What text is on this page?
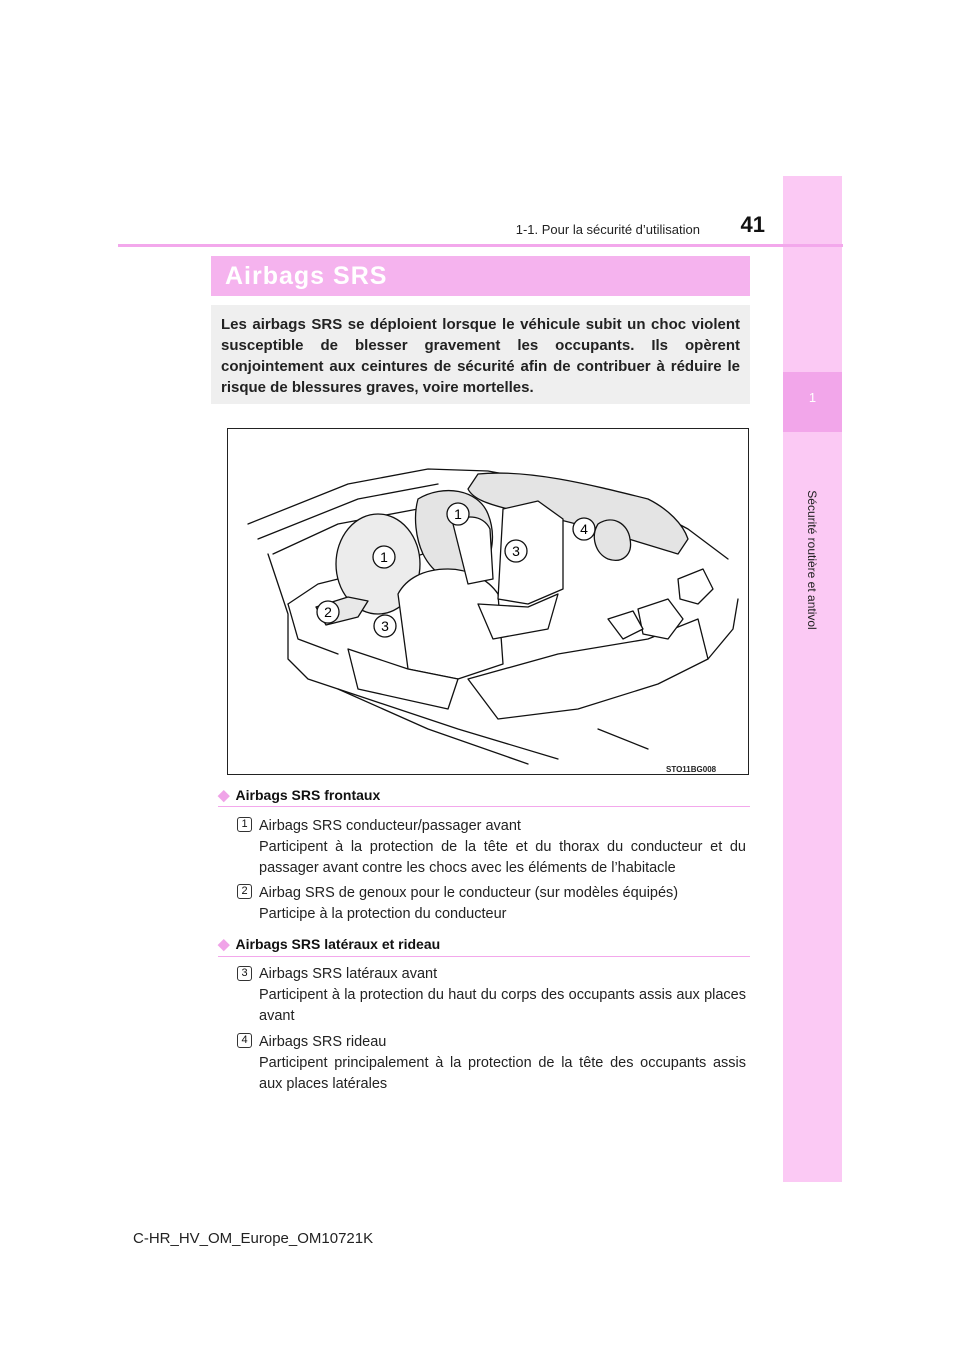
1
Sécurité routière et antivol
1-1. Pour la sécurité d’utilisation	41
Airbags SRS
Les airbags SRS se déploient lorsque le véhicule subit un choc violent susceptible de blesser gravement les occupants. Ils opèrent conjointement aux ceintures de sécurité afin de contribuer à réduire le risque de blessures graves, voire mortelles.
1
1
2
3
3
4
STO11BG008
◆ Airbags SRS frontaux
1 Airbags SRS conducteur/passager avant
Participent à la protection de la tête et du thorax du conducteur et du passager avant contre les chocs avec les éléments de l’habitacle
2 Airbag SRS de genoux pour le conducteur (sur modèles équipés)
Participe à la protection du conducteur
◆ Airbags SRS latéraux et rideau
3 Airbags SRS latéraux avant
Participent à la protection du haut du corps des occupants assis aux places avant
4 Airbags SRS rideau
Participent principalement à la protection de la tête des occupants assis aux places latérales
C-HR_HV_OM_Europe_OM10721K
